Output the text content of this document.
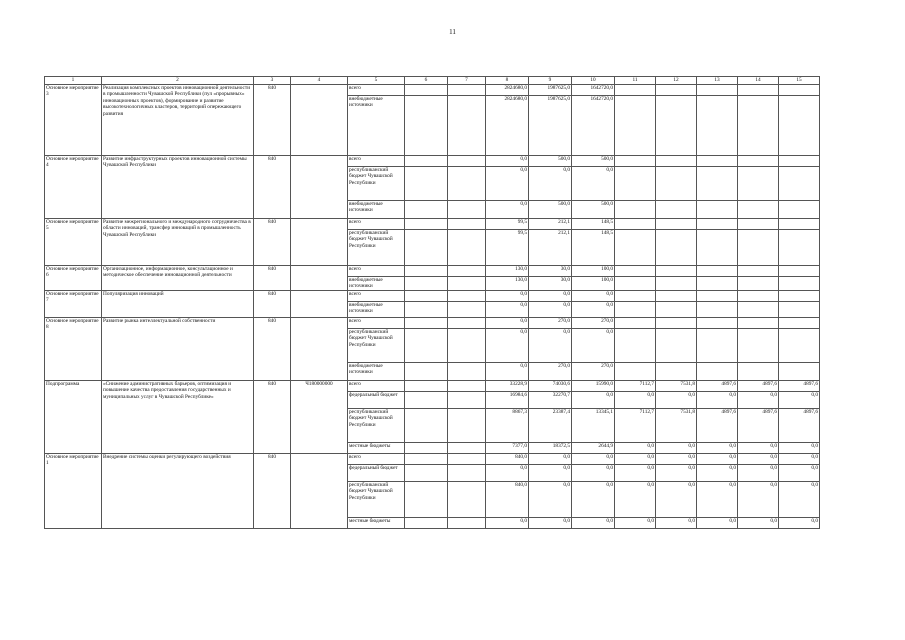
11
1	2	3	4	5	6	7	8	9	10	11	12	13	14	15
Основное мероприятие 3	Реализация комплексных проектов инновационной деятельности в промышленности Чувашской Республики (пул «прорывных» инновационных проектов), формирование и развитие высокотехнологичных кластеров, территорий опережающего развития	840		всего			2824680,0	1987625,0	1642720,0					
				внебюджетные источники			2824680,0	1987625,0	1642720,0					
Основное мероприятие 4	Развитие инфраструктурных проектов инновационной системы Чувашской Республики	840		всего			0,0	500,0	500,0					
				республиканский бюджет Чувашской Республики			0,0	0,0	0,0					
				внебюджетные источники			0,0	500,0	500,0					
Основное мероприятие 5	Развитие межрегионального и международного сотрудничества в области инноваций, трансфер инноваций в промышленность Чувашской Республики	840		всего			99,5	212,1	148,5					
				республиканский бюджет Чувашской Республики			99,5	212,1	148,5					
Основное мероприятие 6	Организационное, информационное, консультационное и методическое обеспечение инновационной деятельности	840		всего			130,0	30,0	100,0					
				внебюджетные источники			130,0	30,0	100,0					
Основное мероприятие 7	Популяризация инноваций	840		всего			0,0	0,0	0,0					
				внебюджетные источники			0,0	0,0	0,0					
Основное мероприятие 8	Развитие рынка интеллектуальной собственности	840		всего			0,0	270,0	270,0					
				республиканский бюджет Чувашской Республики			0,0	0,0	0,0					
				внебюджетные источники			0,0	270,0	270,0					
Подпрограмма	«Снижение административных барьеров, оптимизация и повышение качества предоставления государственных и муниципальных услуг в Чувашской Республике»	840	Ч180000000	всего			33228,9	74030,6	15990,0	7112,7	7531,8	4897,6	4897,6	4897,6
				федеральный бюджет			16984,6	32270,7	0,0	0,0	0,0	0,0	0,0	0,0
				республиканский бюджет Чувашской Республики			8867,3	23387,4	13345,1	7112,7	7531,8	4897,6	4897,6	4897,6
				местные бюджеты			7377,0	18372,5	2644,9	0,0	0,0	0,0	0,0	0,0
Основное мероприятие 1	Внедрение системы оценки регулирующего воздействия	840		всего			840,0	0,0	0,0	0,0	0,0	0,0	0,0	0,0
				федеральный бюджет			0,0	0,0	0,0	0,0	0,0	0,0	0,0	0,0
				республиканский бюджет Чувашской Республики			840,0	0,0	0,0	0,0	0,0	0,0	0,0	0,0
				местные бюджеты			0,0	0,0	0,0	0,0	0,0	0,0	0,0	0,0
